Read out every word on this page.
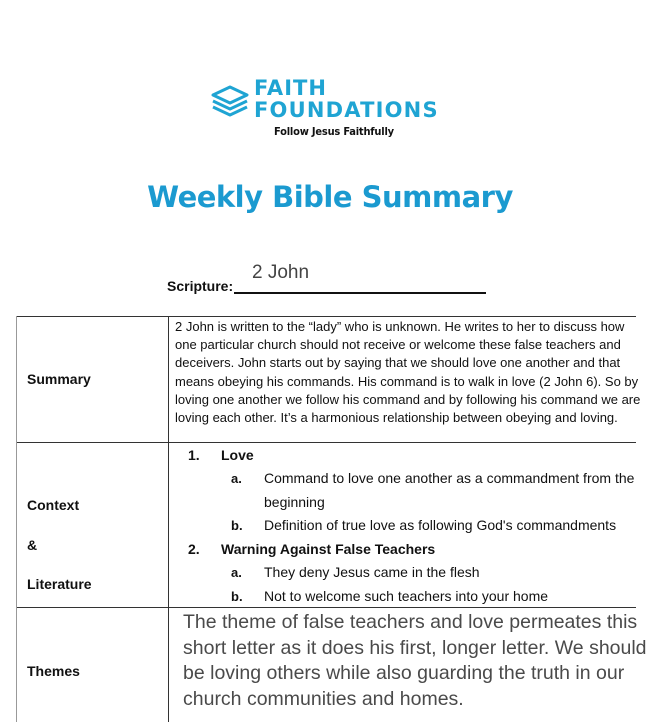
FAITH
FOUNDATIONS
Follow Jesus Faithfully
Weekly Bible Summary
2 John
Scripture:
Summary
2 John is written to the “lady” who is unknown. He writes to her to discuss how one particular church should not receive or welcome these false teachers and deceivers. John starts out by saying that we should love one another and that means obeying his commands. His command is to walk in love (2 John 6). So by loving one another we follow his command and by following his command we are loving each other. It’s a harmonious relationship between obeying and loving.
Context
&
Literature
1. Love
a. Command to love one another as a commandment from the
beginning
b. Definition of true love as following God's commandments
2. Warning Against False Teachers
a. They deny Jesus came in the flesh
b. Not to welcome such teachers into your home
Themes
The theme of false teachers and love permeates this short letter as it does his first, longer letter. We should be loving others while also guarding the truth in our church communities and homes.
